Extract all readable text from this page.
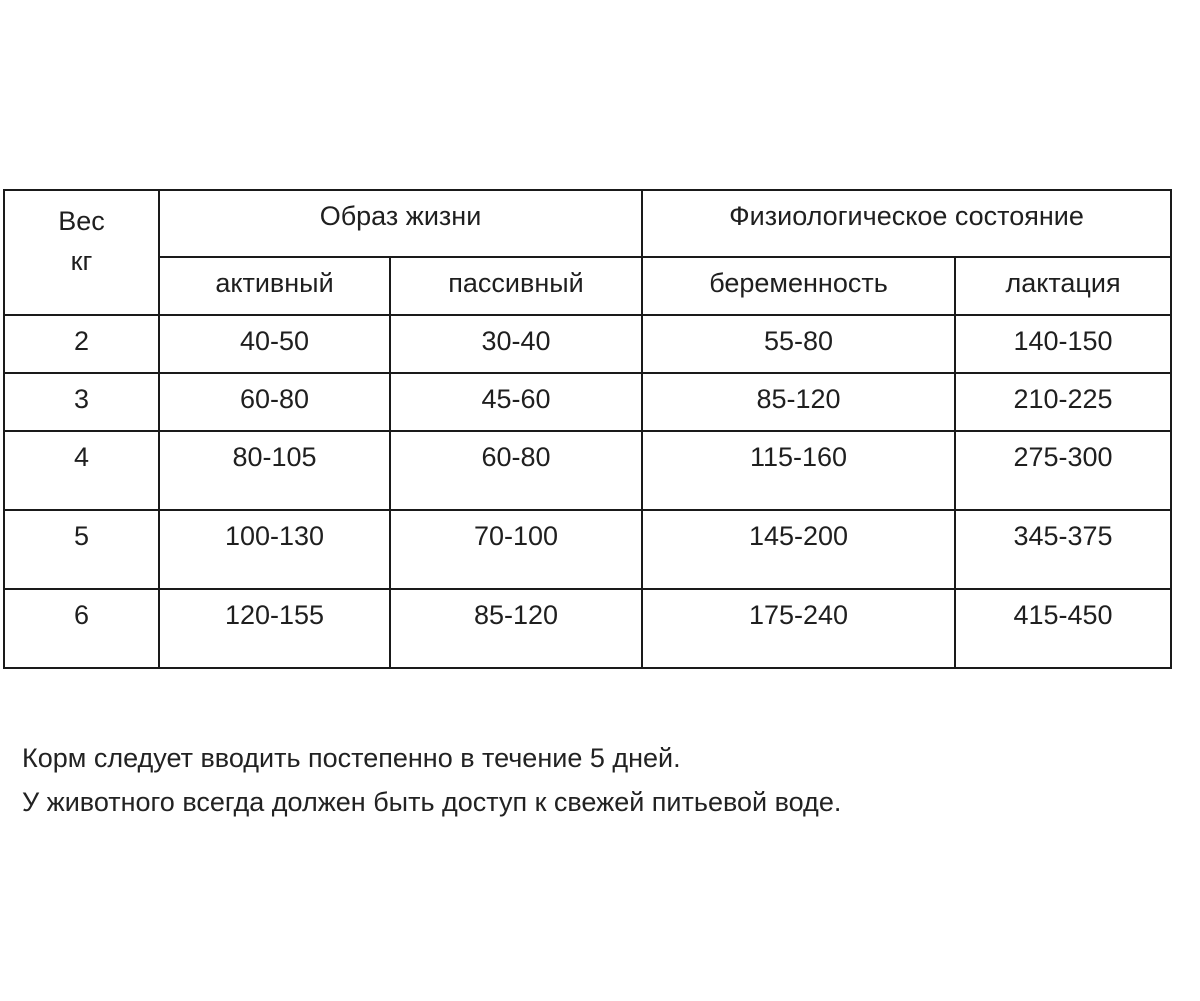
Вес
кг	Образ жизни		Физиологическое состояние	
	активный	пассивный	беременность	лактация
2	40-50	30-40	55-80	140-150
3	60-80	45-60	85-120	210-225
4	80-105	60-80	115-160	275-300
5	100-130	70-100	145-200	345-375
6	120-155	85-120	175-240	415-450

Корм следует вводить постепенно в течение 5 дней.

У животного всегда должен быть доступ к свежей питьевой воде.
